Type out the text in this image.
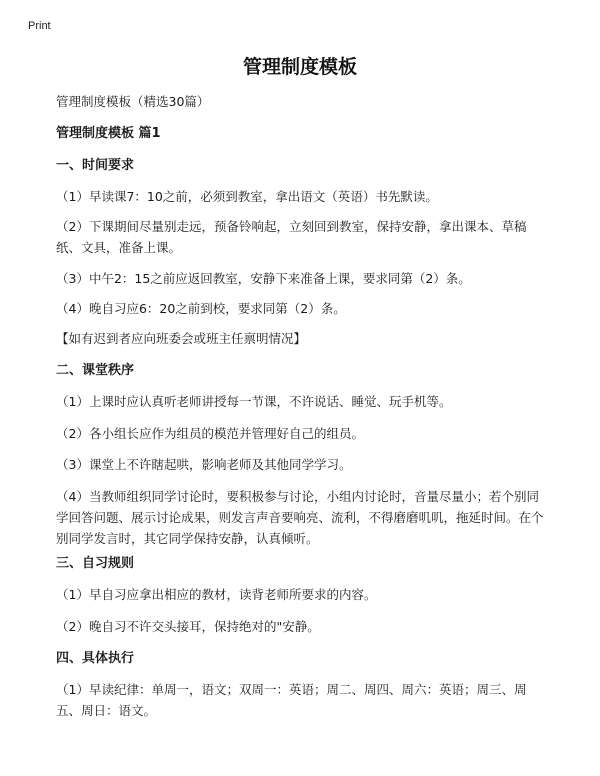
Print
管理制度模板
管理制度模板（精选30篇）
管理制度模板 篇1
一、时间要求
（1）早读课7：10之前，必须到教室，拿出语文（英语）书先默读。
（2）下课期间尽量别走远，预备铃响起，立刻回到教室，保持安静，拿出课本、草稿纸、文具，准备上课。
（3）中午2：15之前应返回教室，安静下来准备上课，要求同第（2）条。
（4）晚自习应6：20之前到校，要求同第（2）条。
【如有迟到者应向班委会或班主任禀明情况】
二、课堂秩序
（1）上课时应认真听老师讲授每一节课，不许说话、睡觉、玩手机等。
（2）各小组长应作为组员的模范并管理好自己的组员。
（3）课堂上不许瞎起哄，影响老师及其他同学学习。
（4）当教师组织同学讨论时，要积极参与讨论，小组内讨论时，音量尽量小；若个别同学回答问题、展示讨论成果，则发言声音要响亮、流利，不得磨磨叽叽，拖延时间。在个别同学发言时，其它同学保持安静，认真倾听。
三、自习规则
（1）早自习应拿出相应的教材，读背老师所要求的内容。
（2）晚自习不许交头接耳，保持绝对的"安静。
四、具体执行
（1）早读纪律：单周一，语文；双周一：英语；周二、周四、周六：英语；周三、周五、周日：语文。
